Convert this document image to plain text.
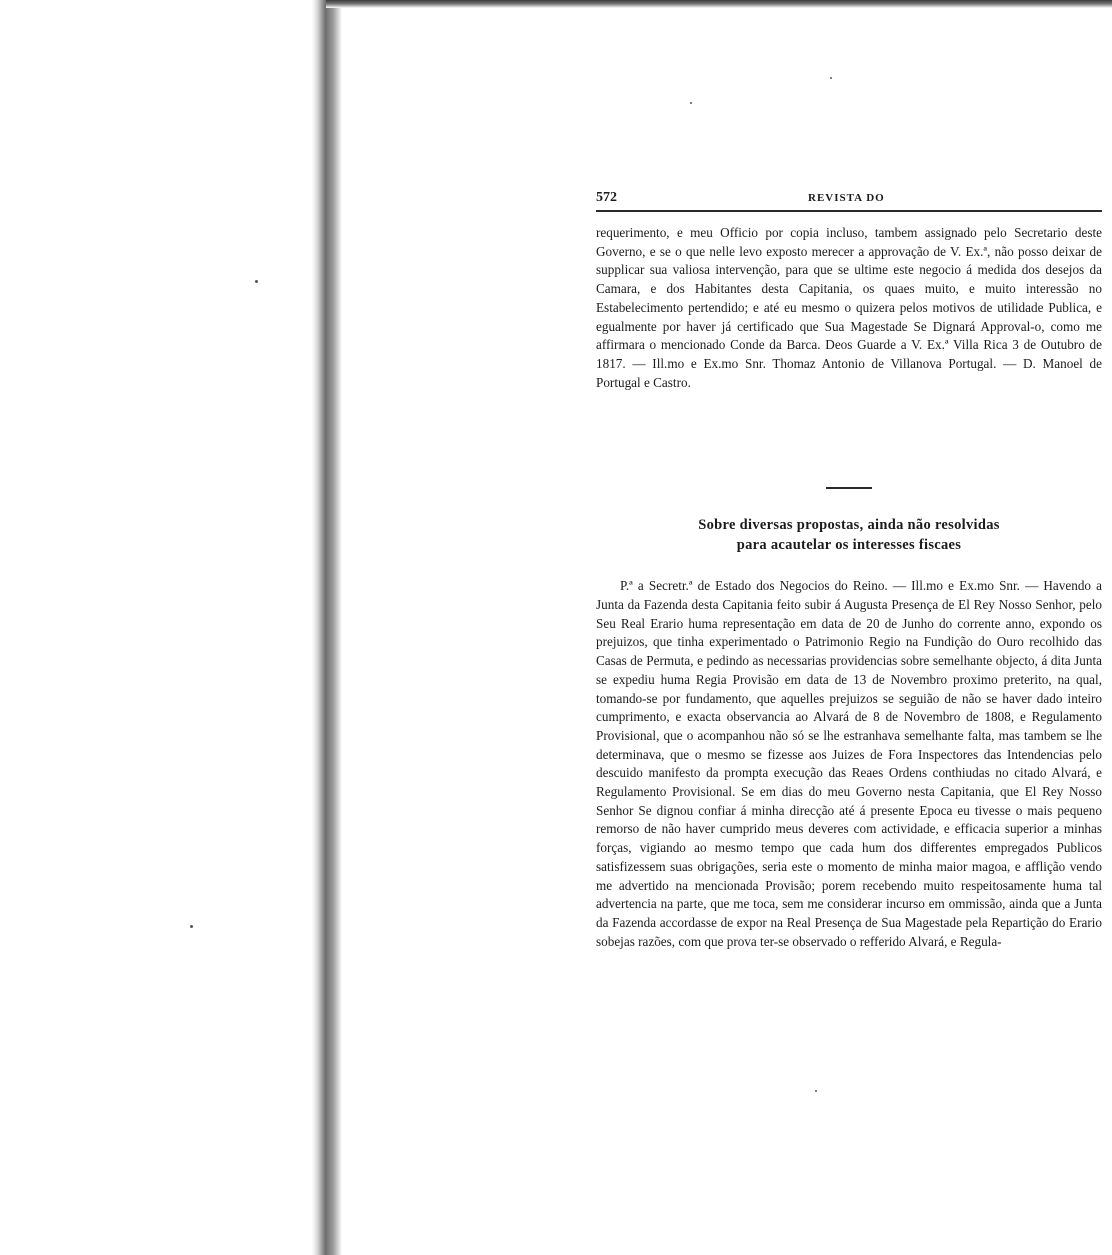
572	REVISTA DO

requerimento, e meu Officio por copia incluso, tambem assignado pelo Secretario deste Governo, e se o que nelle levo exposto merecer a approvação de V. Ex.ª, não posso deixar de supplicar sua valiosa intervenção, para que se ultime este negocio á medida dos desejos da Camara, e dos Habitantes desta Capitania, os quaes muito, e muito interessão no Estabelecimento pertendido; e até eu mesmo o quizera pelos motivos de utilidade Publica, e egualmente por haver já certificado que Sua Magestade Se Dignará Approval-o, como me affirmara o mencionado Conde da Barca. Deos Guarde a V. Ex.ª Villa Rica 3 de Outubro de 1817. — Ill.mo e Ex.mo Snr. Thomaz Antonio de Villanova Portugal. — D. Manoel de Portugal e Castro.

Sobre diversas propostas, ainda não resolvidas
para acautelar os interesses fiscaes

P.ª a Secretr.ª de Estado dos Negocios do Reino. — Ill.mo e Ex.mo Snr. — Havendo a Junta da Fazenda desta Capitania feito subir á Augusta Presença de El Rey Nosso Senhor, pelo Seu Real Erario huma representação em data de 20 de Junho do corrente anno, expondo os prejuizos, que tinha experimentado o Patrimonio Regio na Fundição do Ouro recolhido das Casas de Permuta, e pedindo as necessarias providencias sobre semelhante objecto, á dita Junta se expediu huma Regia Provisão em data de 13 de Novembro proximo preterito, na qual, tomando-se por fundamento, que aquelles prejuizos se seguião de não se haver dado inteiro cumprimento, e exacta observancia ao Alvará de 8 de Novembro de 1808, e Regulamento Provisional, que o acompanhou não só se lhe estranhava semelhante falta, mas tambem se lhe determinava, que o mesmo se fizesse aos Juizes de Fora Inspectores das Intendencias pelo descuido manifesto da prompta execução das Reaes Ordens conthiudas no citado Alvará, e Regulamento Provisional. Se em dias do meu Governo nesta Capitania, que El Rey Nosso Senhor Se dignou confiar á minha direcção até á presente Epoca eu tivesse o mais pequeno remorso de não haver cumprido meus deveres com actividade, e efficacia superior a minhas forças, vigiando ao mesmo tempo que cada hum dos differentes empregados Publicos satisfizessem suas obrigações, seria este o momento de minha maior magoa, e afflição vendo me advertido na mencionada Provisão; porem recebendo muito respeitosamente huma tal advertencia na parte, que me toca, sem me considerar incurso em ommissão, ainda que a Junta da Fazenda accordasse de expor na Real Presença de Sua Magestade pela Repartição do Erario sobejas razões, com que prova ter-se observado o refferido Alvará, e Regula-
